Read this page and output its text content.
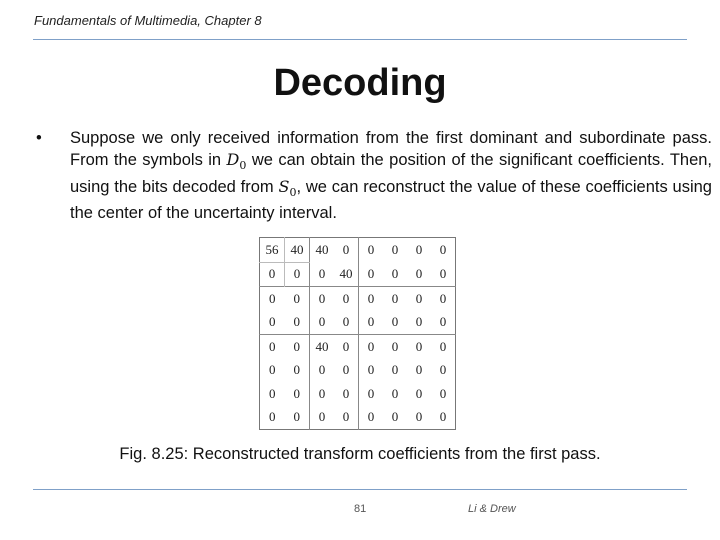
Fundamentals of Multimedia, Chapter 8
Decoding
• Suppose we only received information from the first dominant and subordinate pass. From the symbols in $D_0$ we can obtain the position of the significant coefficients. Then, using the bits decoded from $S_0$, we can reconstruct the value of these coefficients using the center of the uncertainty interval.
56	40	40	0	0	0	0	0
0	0	0	40	0	0	0	0
0	0	0	0	0	0	0	0
0	0	0	0	0	0	0	0
0	0	40	0	0	0	0	0
0	0	0	0	0	0	0	0
0	0	0	0	0	0	0	0
0	0	0	0	0	0	0	0
Fig. 8.25: Reconstructed transform coefficients from the first pass.
81	Li & Drew
